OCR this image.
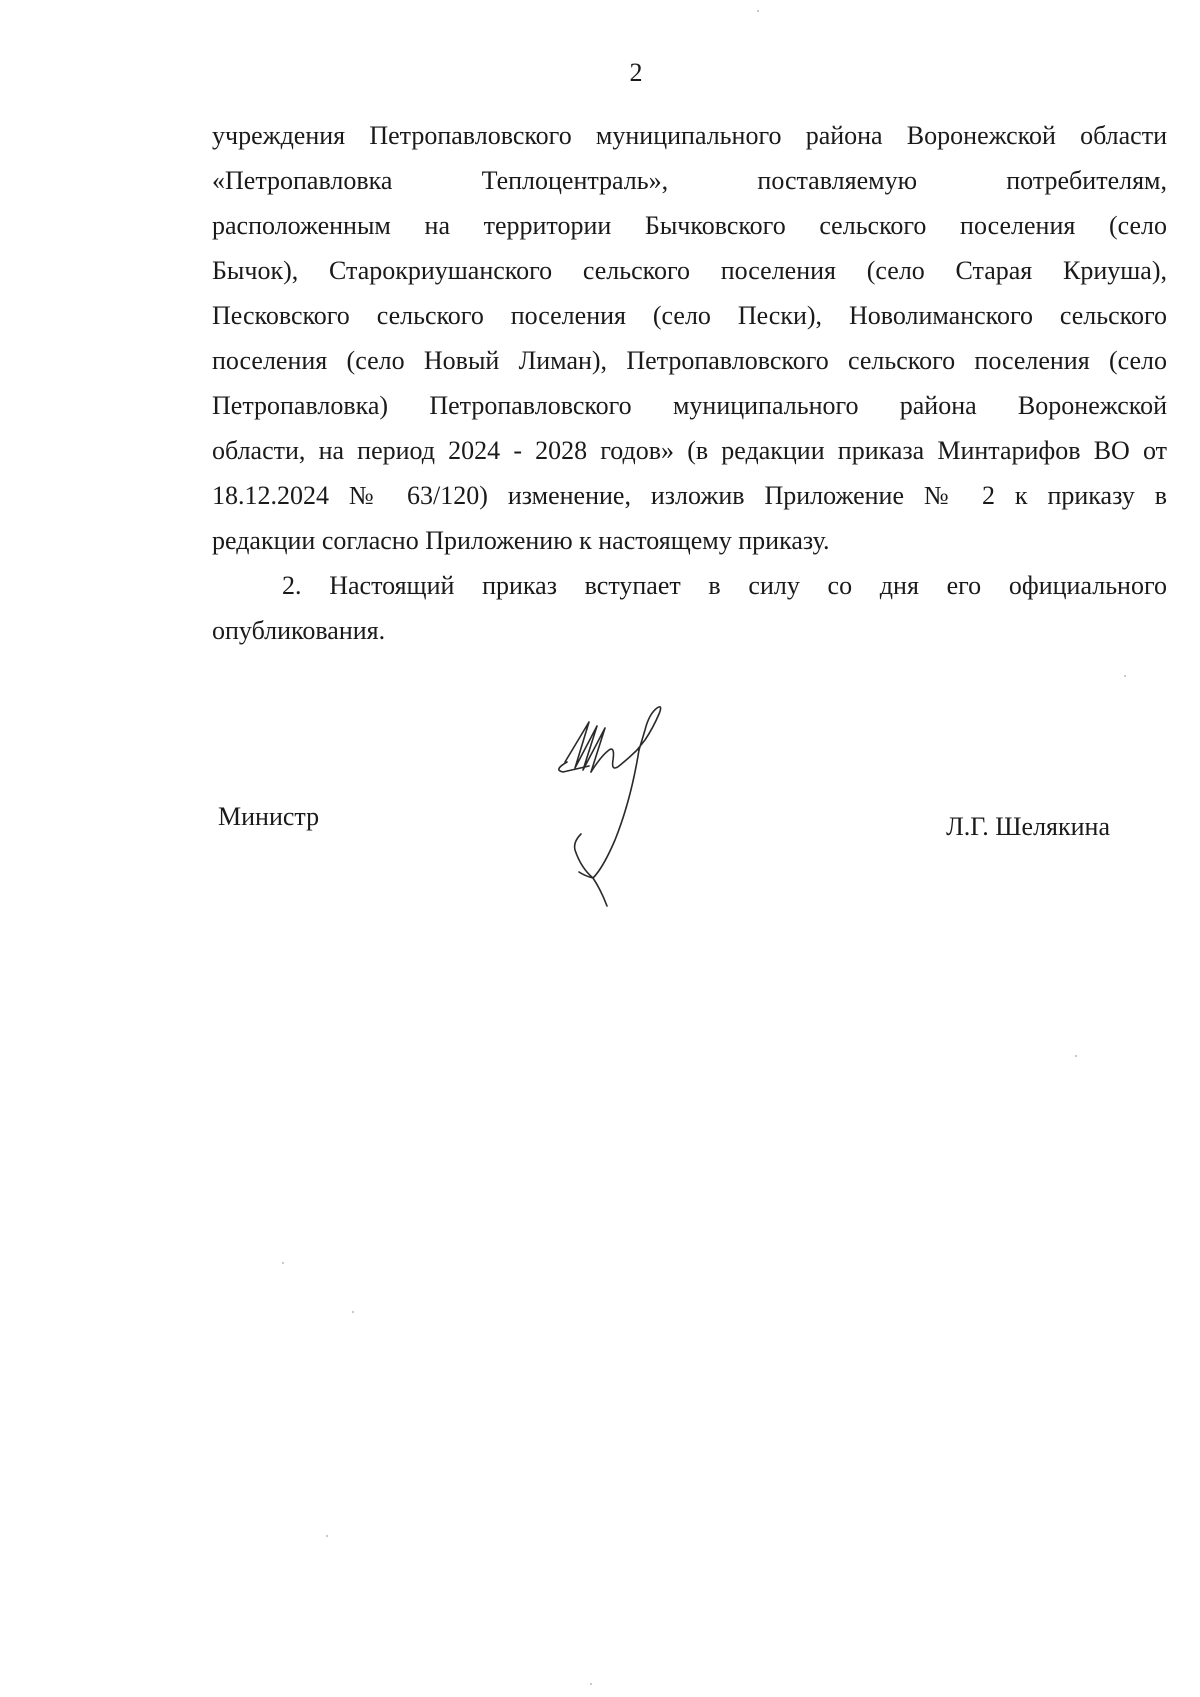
2
учреждения Петропавловского муниципального района Воронежской области
«Петропавловка Теплоцентраль», поставляемую потребителям,
расположенным на территории Бычковского сельского поселения (село
Бычок), Старокриушанского сельского поселения (село Старая Криуша),
Песковского сельского поселения (село Пески), Новолиманского сельского
поселения (село Новый Лиман), Петропавловского сельского поселения (село
Петропавловка) Петропавловского муниципального района Воронежской
области, на период 2024 - 2028 годов» (в редакции приказа Минтарифов ВО от
18.12.2024 № 63/120) изменение, изложив Приложение № 2 к приказу в
редакции согласно Приложению к настоящему приказу.
2. Настоящий приказ вступает в силу со дня его официального
опубликования.
Министр	Л.Г. Шелякина
